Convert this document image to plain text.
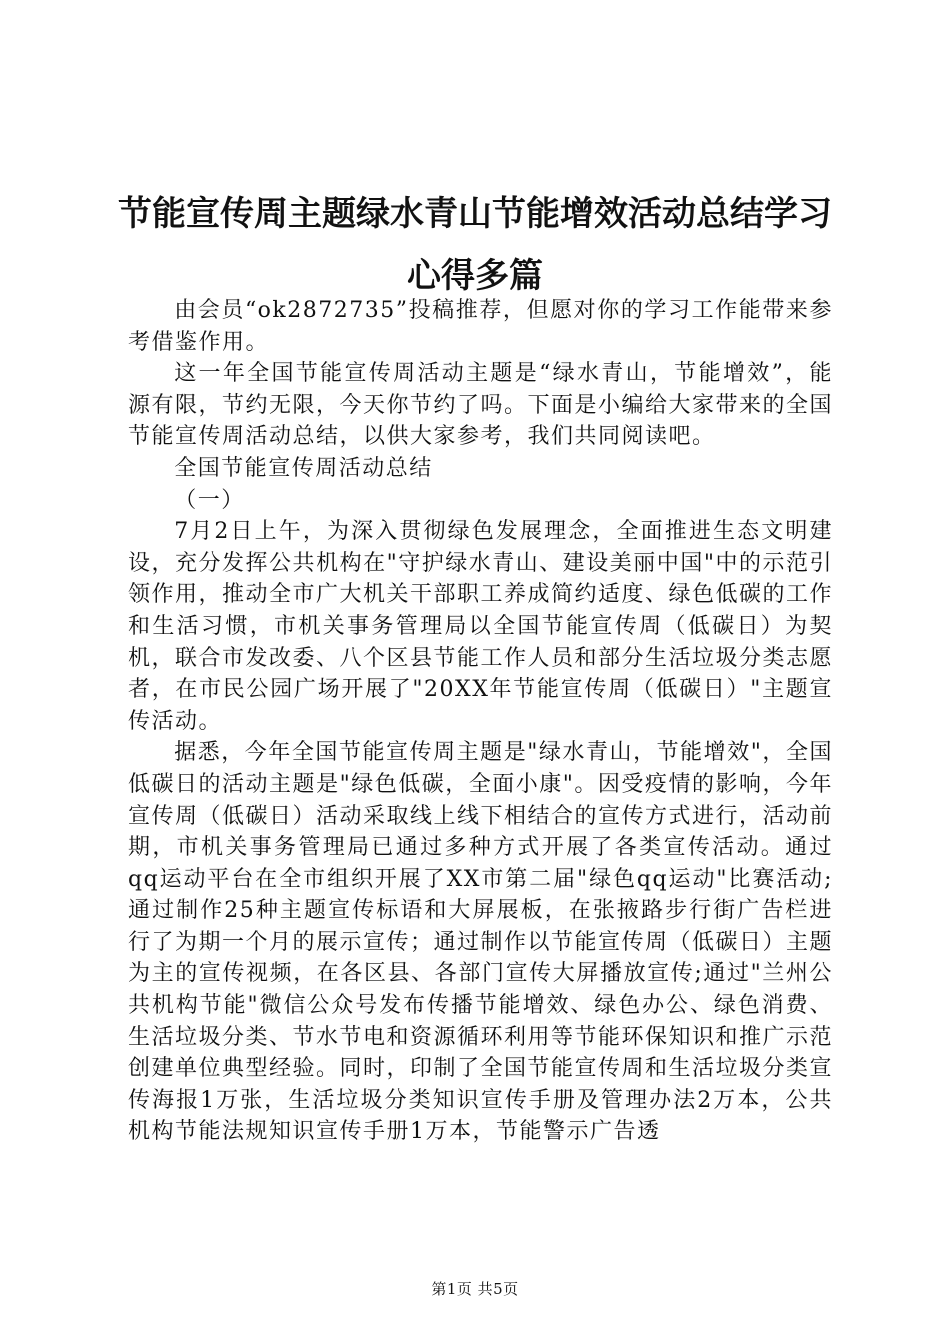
节能宣传周主题绿水青山节能增效活动总结学习心得多篇

由会员“ok2872735”投稿推荐，但愿对你的学习工作能带来参考借鉴作用。

这一年全国节能宣传周活动主题是“绿水青山，节能增效”，能源有限，节约无限，今天你节约了吗。下面是小编给大家带来的全国节能宣传周活动总结，以供大家参考，我们共同阅读吧。

全国节能宣传周活动总结

（一）

7月2日上午，为深入贯彻绿色发展理念，全面推进生态文明建设，充分发挥公共机构在"守护绿水青山、建设美丽中国"中的示范引领作用，推动全市广大机关干部职工养成简约适度、绿色低碳的工作和生活习惯，市机关事务管理局以全国节能宣传周（低碳日）为契机，联合市发改委、八个区县节能工作人员和部分生活垃圾分类志愿者，在市民公园广场开展了"20XX年节能宣传周（低碳日）"主题宣传活动。

据悉，今年全国节能宣传周主题是"绿水青山，节能增效"，全国低碳日的活动主题是"绿色低碳，全面小康"。因受疫情的影响，今年宣传周（低碳日）活动采取线上线下相结合的宣传方式进行，活动前期，市机关事务管理局已通过多种方式开展了各类宣传活动。通过qq运动平台在全市组织开展了XX市第二届"绿色qq运动"比赛活动;通过制作25种主题宣传标语和大屏展板，在张掖路步行街广告栏进行了为期一个月的展示宣传；通过制作以节能宣传周（低碳日）主题为主的宣传视频，在各区县、各部门宣传大屏播放宣传;通过"兰州公共机构节能"微信公众号发布传播节能增效、绿色办公、绿色消费、生活垃圾分类、节水节电和资源循环利用等节能环保知识和推广示范创建单位典型经验。同时，印制了全国节能宣传周和生活垃圾分类宣传海报1万张，生活垃圾分类知识宣传手册及管理办法2万本，公共机构节能法规知识宣传手册1万本，节能警示广告透

第1页 共5页
